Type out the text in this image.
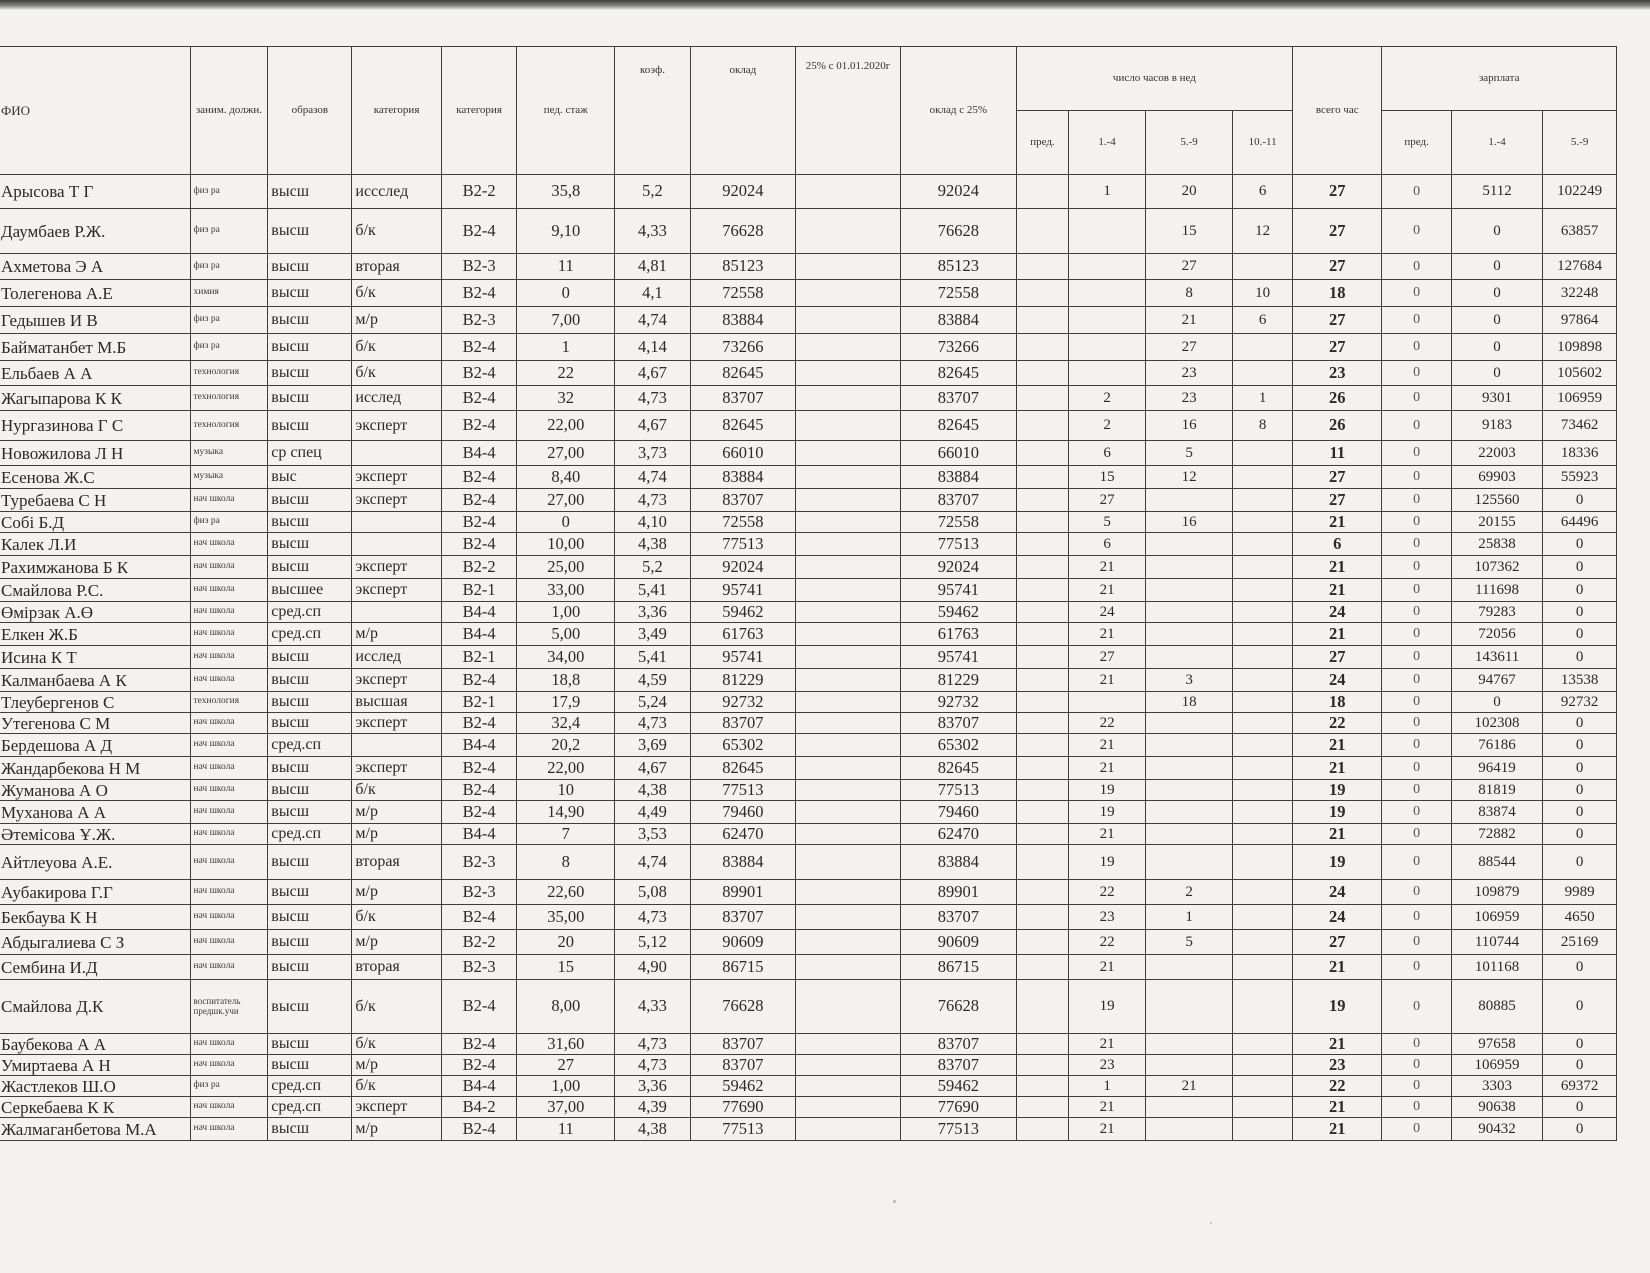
ФИО	заним. должн.	образов	категория	категория	пед. стаж	коэф.	оклад	25% с 01.01.2020г	оклад с 25%	число часов в нед				всего час	зарплата		
										пред.	1.-4	5.-9	10.-11		пред.	1.-4	5.-9
Арысова Т Г	физ ра	высш	иссслед	В2-2	35,8	5,2	92024		92024		1	20	6	27	0	5112	102249
Даумбаев Р.Ж.	физ ра	высш	б/к	В2-4	9,10	4,33	76628		76628			15	12	27	0	0	63857
Ахметова Э А	физ ра	высш	вторая	В2-3	11	4,81	85123		85123			27		27	0	0	127684
Толегенова А.Е	химия	высш	б/к	В2-4	0	4,1	72558		72558			8	10	18	0	0	32248
Гедышев И В	физ ра	высш	м/р	В2-3	7,00	4,74	83884		83884			21	6	27	0	0	97864
Байматанбет М.Б	физ ра	высш	б/к	В2-4	1	4,14	73266		73266			27		27	0	0	109898
Ельбаев А А	технология	высш	б/к	В2-4	22	4,67	82645		82645			23		23	0	0	105602
Жагыпарова К К	технология	высш	исслед	В2-4	32	4,73	83707		83707		2	23	1	26	0	9301	106959
Нургазинова Г С	технология	высш	эксперт	В2-4	22,00	4,67	82645		82645		2	16	8	26	0	9183	73462
Новожилова Л Н	музыка	ср спец		В4-4	27,00	3,73	66010		66010		6	5		11	0	22003	18336
Есенова Ж.С	музыка	выс	эксперт	В2-4	8,40	4,74	83884		83884		15	12		27	0	69903	55923
Туребаева С Н	нач школа	высш	эксперт	В2-4	27,00	4,73	83707		83707		27			27	0	125560	0
Собі Б.Д	физ ра	высш		В2-4	0	4,10	72558		72558		5	16		21	0	20155	64496
Калек Л.И	нач школа	высш		В2-4	10,00	4,38	77513		77513		6			6	0	25838	0
Рахимжанова Б К	нач школа	высш	эксперт	В2-2	25,00	5,2	92024		92024		21			21	0	107362	0
Смайлова Р.С.	нач школа	высшее	эксперт	В2-1	33,00	5,41	95741		95741		21			21	0	111698	0
Өмірзак А.Ө	нач школа	сред.сп		В4-4	1,00	3,36	59462		59462		24			24	0	79283	0
Елкен Ж.Б	нач школа	сред.сп	м/р	В4-4	5,00	3,49	61763		61763		21			21	0	72056	0
Исина К Т	нач школа	высш	исслед	В2-1	34,00	5,41	95741		95741		27			27	0	143611	0
Калманбаева А К	нач школа	высш	эксперт	В2-4	18,8	4,59	81229		81229		21	3		24	0	94767	13538
Тлеубергенов С	технология	высш	высшая	В2-1	17,9	5,24	92732		92732			18		18	0	0	92732
Утегенова С М	нач школа	высш	эксперт	В2-4	32,4	4,73	83707		83707		22			22	0	102308	0
Бердешова А Д	нач школа	сред.сп		В4-4	20,2	3,69	65302		65302		21			21	0	76186	0
Жандарбекова Н М	нач школа	высш	эксперт	В2-4	22,00	4,67	82645		82645		21			21	0	96419	0
Жуманова А О	нач школа	высш	б/к	В2-4	10	4,38	77513		77513		19			19	0	81819	0
Муханова А А	нач школа	высш	м/р	В2-4	14,90	4,49	79460		79460		19			19	0	83874	0
Әтемісова Ұ.Ж.	нач школа	сред.сп	м/р	В4-4	7	3,53	62470		62470		21			21	0	72882	0
Айтлеуова А.Е.	нач школа	высш	вторая	В2-3	8	4,74	83884		83884		19			19	0	88544	0
Аубакирова Г.Г	нач школа	высш	м/р	В2-3	22,60	5,08	89901		89901		22	2		24	0	109879	9989
Бекбаува К Н	нач школа	высш	б/к	В2-4	35,00	4,73	83707		83707		23	1		24	0	106959	4650
Абдыгалиева С З	нач школа	высш	м/р	В2-2	20	5,12	90609		90609		22	5		27	0	110744	25169
Сембина И.Д	нач школа	высш	вторая	В2-3	15	4,90	86715		86715		21			21	0	101168	0
Смайлова Д.К	воспитатель предшк.учи	высш	б/к	В2-4	8,00	4,33	76628		76628		19			19	0	80885	0
Баубекова А А	нач школа	высш	б/к	В2-4	31,60	4,73	83707		83707		21			21	0	97658	0
Умиртаева А Н	нач школа	высш	м/р	В2-4	27	4,73	83707		83707		23			23	0	106959	0
Жастлеков Ш.О	физ ра	сред.сп	б/к	В4-4	1,00	3,36	59462		59462		1	21		22	0	3303	69372
Серкебаева К К	нач школа	сред.сп	эксперт	В4-2	37,00	4,39	77690		77690		21			21	0	90638	0
Жалмаганбетова М.А	нач школа	высш	м/р	В2-4	11	4,38	77513		77513		21			21	0	90432	0
